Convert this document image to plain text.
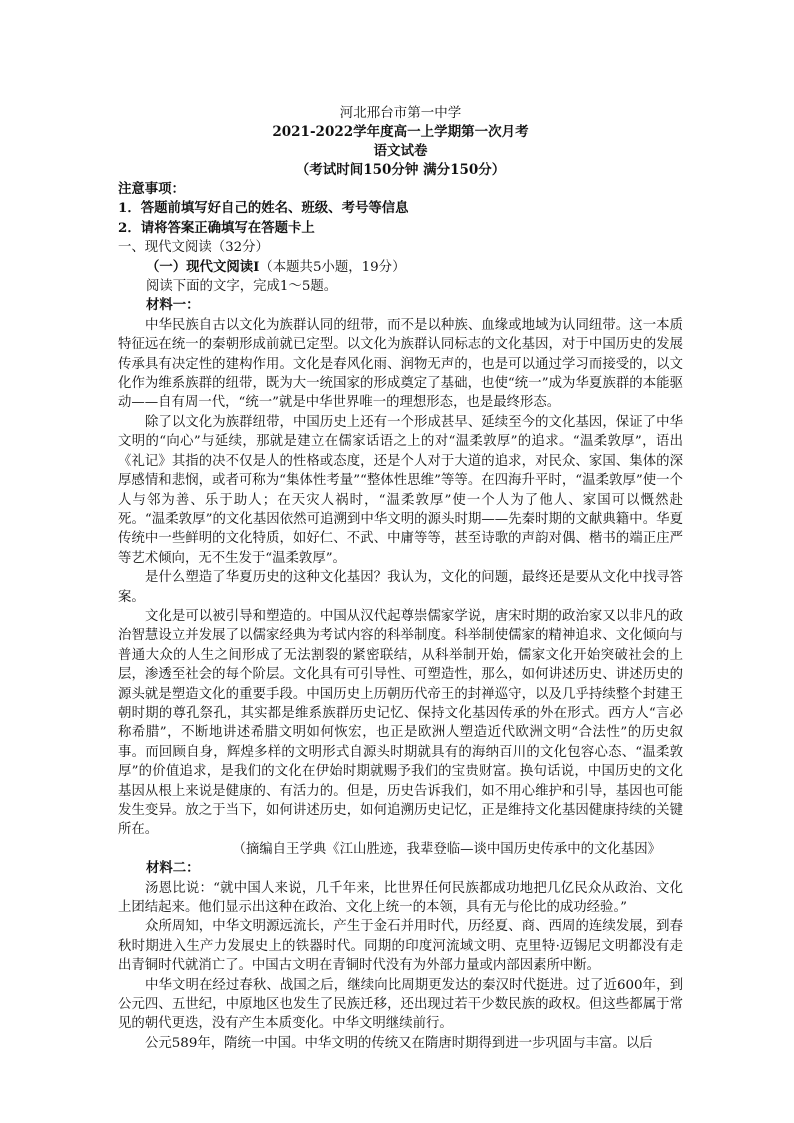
河北邢台市第一中学
2021-2022学年度高一上学期第一次月考
语文试卷
（考试时间150分钟 满分150分）
注意事项：
1．答题前填写好自己的姓名、班级、考号等信息
2．请将答案正确填写在答题卡上
一、现代文阅读（32分）
（一）现代文阅读Ⅰ（本题共5小题，19分）
阅读下面的文字，完成1～5题。

材料一：

中华民族自古以文化为族群认同的纽带，而不是以种族、血缘或地域为认同纽带。这一本质特征远在统一的秦朝形成前就已定型。以文化为族群认同标志的文化基因，对于中国历史的发展传承具有决定性的建构作用。文化是春风化雨、润物无声的，也是可以通过学习而接受的，以文化作为维系族群的纽带，既为大一统国家的形成奠定了基础，也使“统一”成为华夏族群的本能驱动——自有周一代，“统一”就是中华世界唯一的理想形态，也是最终形态。

除了以文化为族群纽带，中国历史上还有一个形成甚早、延续至今的文化基因，保证了中华文明的“向心”与延续，那就是建立在儒家话语之上的对“温柔敦厚”的追求。“温柔敦厚”，语出《礼记》其指的决不仅是人的性格或态度，还是个人对于大道的追求，对民众、家国、集体的深厚感情和悲悯，或者可称为“集体性考量”“整体性思维”等等。在四海升平时，“温柔敦厚”使一个人与邻为善、乐于助人；在天灾人祸时，“温柔敦厚”使一个人为了他人、家国可以慨然赴死。“温柔敦厚”的文化基因依然可追溯到中华文明的源头时期——先秦时期的文献典籍中。华夏传统中一些鲜明的文化特质，如好仁、不武、中庸等等，甚至诗歌的声韵对偶、楷书的端正庄严等艺术倾向，无不生发于“温柔敦厚”。

是什么塑造了华夏历史的这种文化基因？我认为，文化的问题，最终还是要从文化中找寻答案。

文化是可以被引导和塑造的。中国从汉代起尊崇儒家学说，唐宋时期的政治家又以非凡的政治智慧设立并发展了以儒家经典为考试内容的科举制度。科举制使儒家的精神追求、文化倾向与普通大众的人生之间形成了无法割裂的紧密联结，从科举制开始，儒家文化开始突破社会的上层，渗透至社会的每个阶层。文化具有可引导性、可塑造性，那么，如何讲述历史、讲述历史的源头就是塑造文化的重要手段。中国历史上历朝历代帝王的封禅巡守，以及几乎持续整个封建王朝时期的尊孔祭孔，其实都是维系族群历史记忆、保持文化基因传承的外在形式。西方人“言必称希腊”，不断地讲述希腊文明如何恢宏，也正是欧洲人塑造近代欧洲文明“合法性”的历史叙事。而回顾自身，辉煌多样的文明形式自源头时期就具有的海纳百川的文化包容心态、“温柔敦厚”的价值追求，是我们的文化在伊始时期就赐予我们的宝贵财富。换句话说，中国历史的文化基因从根上来说是健康的、有活力的。但是，历史告诉我们，如不用心维护和引导，基因也可能发生变异。放之于当下，如何讲述历史，如何追溯历史记忆，正是维持文化基因健康持续的关键所在。

（摘编自王学典《江山胜迹，我辈登临—谈中国历史传承中的文化基因》

材料二：

汤恩比说：“就中国人来说，几千年来，比世界任何民族都成功地把几亿民众从政治、文化上团结起来。他们显示出这种在政治、文化上统一的本领，具有无与伦比的成功经验。”

众所周知，中华文明源远流长，产生于金石并用时代，历经夏、商、西周的连续发展，到春秋时期进入生产力发展史上的铁器时代。同期的印度河流域文明、克里特·迈锡尼文明都没有走出青铜时代就消亡了。中国古文明在青铜时代没有为外部力量或内部因素所中断。

中华文明在经过春秋、战国之后，继续向比周期更发达的秦汉时代挺进。过了近600年，到公元四、五世纪，中原地区也发生了民族迁移，还出现过若干少数民族的政权。但这些都属于常见的朝代更迭，没有产生本质变化。中华文明继续前行。

公元589年，隋统一中国。中华文明的传统又在隋唐时期得到进一步巩固与丰富。以后
